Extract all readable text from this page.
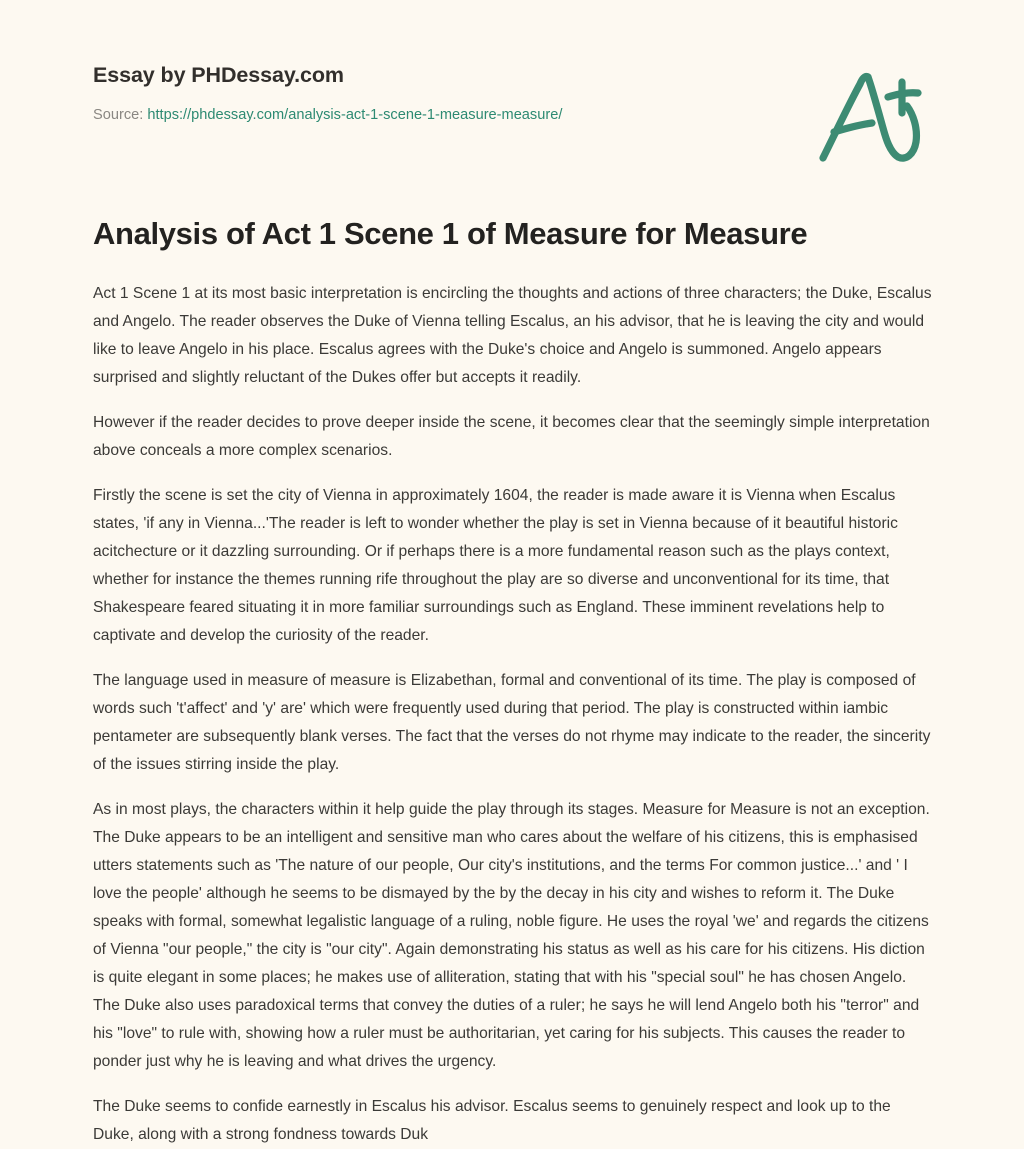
Essay by PHDessay.com
Source: https://phdessay.com/analysis-act-1-scene-1-measure-measure/
Analysis of Act 1 Scene 1 of Measure for Measure

Act 1 Scene 1 at its most basic interpretation is encircling the thoughts and actions of three characters; the Duke, Escalus and Angelo. The reader observes the Duke of Vienna telling Escalus, an his advisor, that he is leaving the city and would like to leave Angelo in his place. Escalus agrees with the Duke's choice and Angelo is summoned. Angelo appears surprised and slightly reluctant of the Dukes offer but accepts it readily.

However if the reader decides to prove deeper inside the scene, it becomes clear that the seemingly simple interpretation above conceals a more complex scenarios.

Firstly the scene is set the city of Vienna in approximately 1604, the reader is made aware it is Vienna when Escalus states, 'if any in Vienna...'The reader is left to wonder whether the play is set in Vienna because of it beautiful historic acitchecture or it dazzling surrounding. Or if perhaps there is a more fundamental reason such as the plays context, whether for instance the themes running rife throughout the play are so diverse and unconventional for its time, that Shakespeare feared situating it in more familiar surroundings such as England. These imminent revelations help to captivate and develop the curiosity of the reader.

The language used in measure of measure is Elizabethan, formal and conventional of its time. The play is composed of words such 't'affect' and 'y' are' which were frequently used during that period. The play is constructed within iambic pentameter are subsequently blank verses. The fact that the verses do not rhyme may indicate to the reader, the sincerity of the issues stirring inside the play.

As in most plays, the characters within it help guide the play through its stages. Measure for Measure is not an exception. The Duke appears to be an intelligent and sensitive man who cares about the welfare of his citizens, this is emphasised utters statements such as 'The nature of our people, Our city's institutions, and the terms For common justice...' and ' I love the people' although he seems to be dismayed by the by the decay in his city and wishes to reform it. The Duke speaks with formal, somewhat legalistic language of a ruling, noble figure. He uses the royal 'we' and regards the citizens of Vienna "our people," the city is "our city". Again demonstrating his status as well as his care for his citizens. His diction is quite elegant in some places; he makes use of alliteration, stating that with his "special soul" he has chosen Angelo. The Duke also uses paradoxical terms that convey the duties of a ruler; he says he will lend Angelo both his "terror" and his "love" to rule with, showing how a ruler must be authoritarian, yet caring for his subjects. This causes the reader to ponder just why he is leaving and what drives the urgency.

The Duke seems to confide earnestly in Escalus his advisor. Escalus seems to genuinely respect and look up to the Duke, along with a strong fondness towards Duk
